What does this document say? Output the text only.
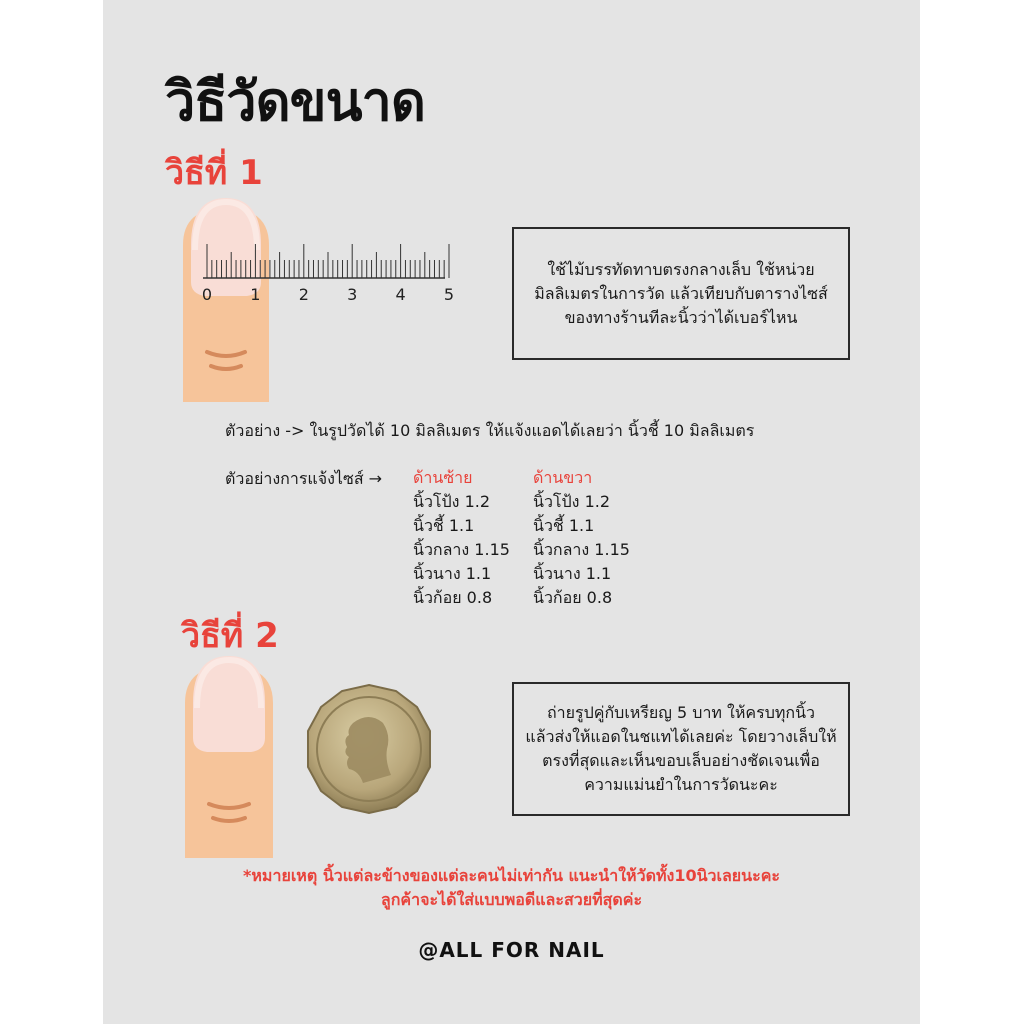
วิธีวัดขนาด
วิธีที่ 1
0 1 2 3 4 5
ใช้ไม้บรรทัดทาบตรงกลางเล็บ ใช้หน่วย
มิลลิเมตรในการวัด แล้วเทียบกับตารางไซส์
ของทางร้านทีละนิ้วว่าได้เบอร์ไหน
ตัวอย่าง -> ในรูปวัดได้ 10 มิลลิเมตร ให้แจ้งแอดได้เลยว่า นิ้วชี้ 10 มิลลิเมตร
ตัวอย่างการแจ้งไซส์ → ด้านซ้าย
นิ้วโป้ง 1.2
นิ้วชี้ 1.1
นิ้วกลาง 1.15
นิ้วนาง 1.1
นิ้วก้อย 0.8
ด้านขวา
นิ้วโป้ง 1.2
นิ้วชี้ 1.1
นิ้วกลาง 1.15
นิ้วนาง 1.1
นิ้วก้อย 0.8
วิธีที่ 2
ถ่ายรูปคู่กับเหรียญ 5 บาท ให้ครบทุกนิ้ว
แล้วส่งให้แอดในชแทได้เลยค่ะ โดยวางเล็บให้
ตรงที่สุดและเห็นขอบเล็บอย่างชัดเจนเพื่อ
ความแม่นยำในการวัดนะคะ
*หมายเหตุ นิ้วแต่ละข้างของแต่ละคนไม่เท่ากัน แนะนำให้วัดทั้ง10นิวเลยนะคะ
ลูกค้าจะได้ใส่แบบพอดีและสวยที่สุดค่ะ
@ALL FOR NAIL
